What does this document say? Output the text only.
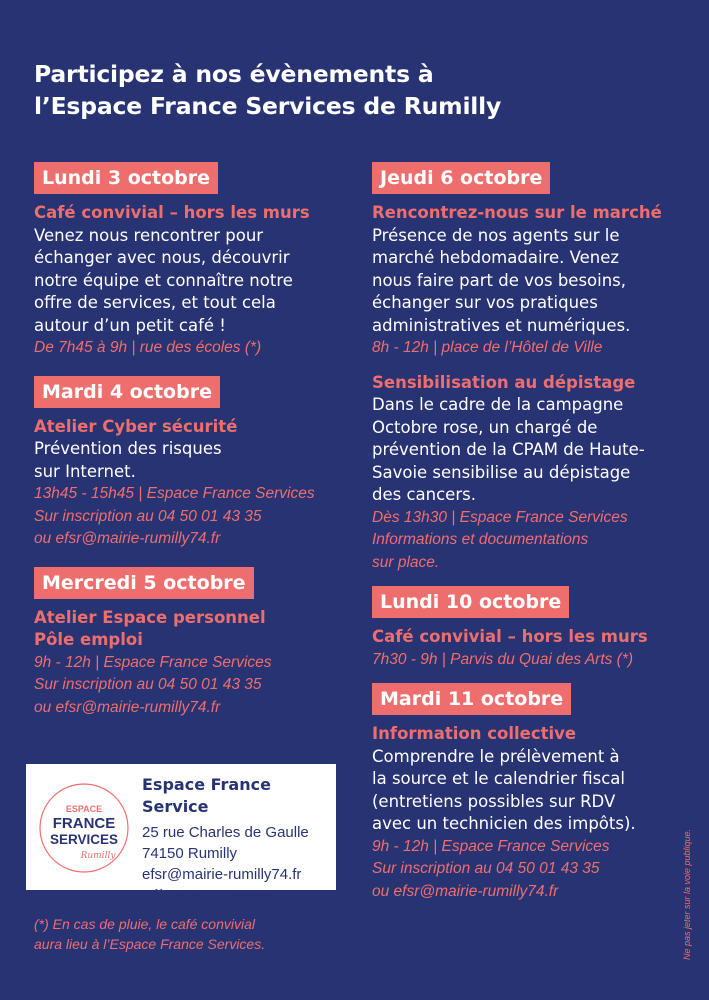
Participez à nos évènements à
l’Espace France Services de Rumilly
Lundi 3 octobre
Café convivial – hors les murs
Venez nous rencontrer pour
échanger avec nous, découvrir
notre équipe et connaître notre
offre de services, et tout cela
autour d’un petit café !
De 7h45 à 9h | rue des écoles (*)
Mardi 4 octobre
Atelier Cyber sécurité
Prévention des risques
sur Internet.
13h45 - 15h45 | Espace France Services
Sur inscription au 04 50 01 43 35
ou efsr@mairie-rumilly74.fr
Mercredi 5 octobre
Atelier Espace personnel
Pôle emploi
9h - 12h | Espace France Services
Sur inscription au 04 50 01 43 35
ou efsr@mairie-rumilly74.fr
Jeudi 6 octobre
Rencontrez-nous sur le marché
Présence de nos agents sur le
marché hebdomadaire. Venez
nous faire part de vos besoins,
échanger sur vos pratiques
administratives et numériques.
8h - 12h | place de l’Hôtel de Ville
Sensibilisation au dépistage
Dans le cadre de la campagne
Octobre rose, un chargé de
prévention de la CPAM de Haute-
Savoie sensibilise au dépistage
des cancers.
Dès 13h30 | Espace France Services
Informations et documentations
sur place.
Lundi 10 octobre
Café convivial – hors les murs
7h30 - 9h | Parvis du Quai des Arts (*)
Mardi 11 octobre
Information collective
Comprendre le prélèvement à
la source et le calendrier fiscal
(entretiens possibles sur RDV
avec un technicien des impôts).
9h - 12h | Espace France Services
Sur inscription au 04 50 01 43 35
ou efsr@mairie-rumilly74.fr
ESPACE
FRANCE
SERVICES
Rumilly
Espace France Service
25 rue Charles de Gaulle
74150 Rumilly
efsr@mairie-rumilly74.fr
Tél. 04 50 01 43 35
(*) En cas de pluie, le café convivial
aura lieu à l’Espace France Services.	Ne pas jeter sur la voie publique.
